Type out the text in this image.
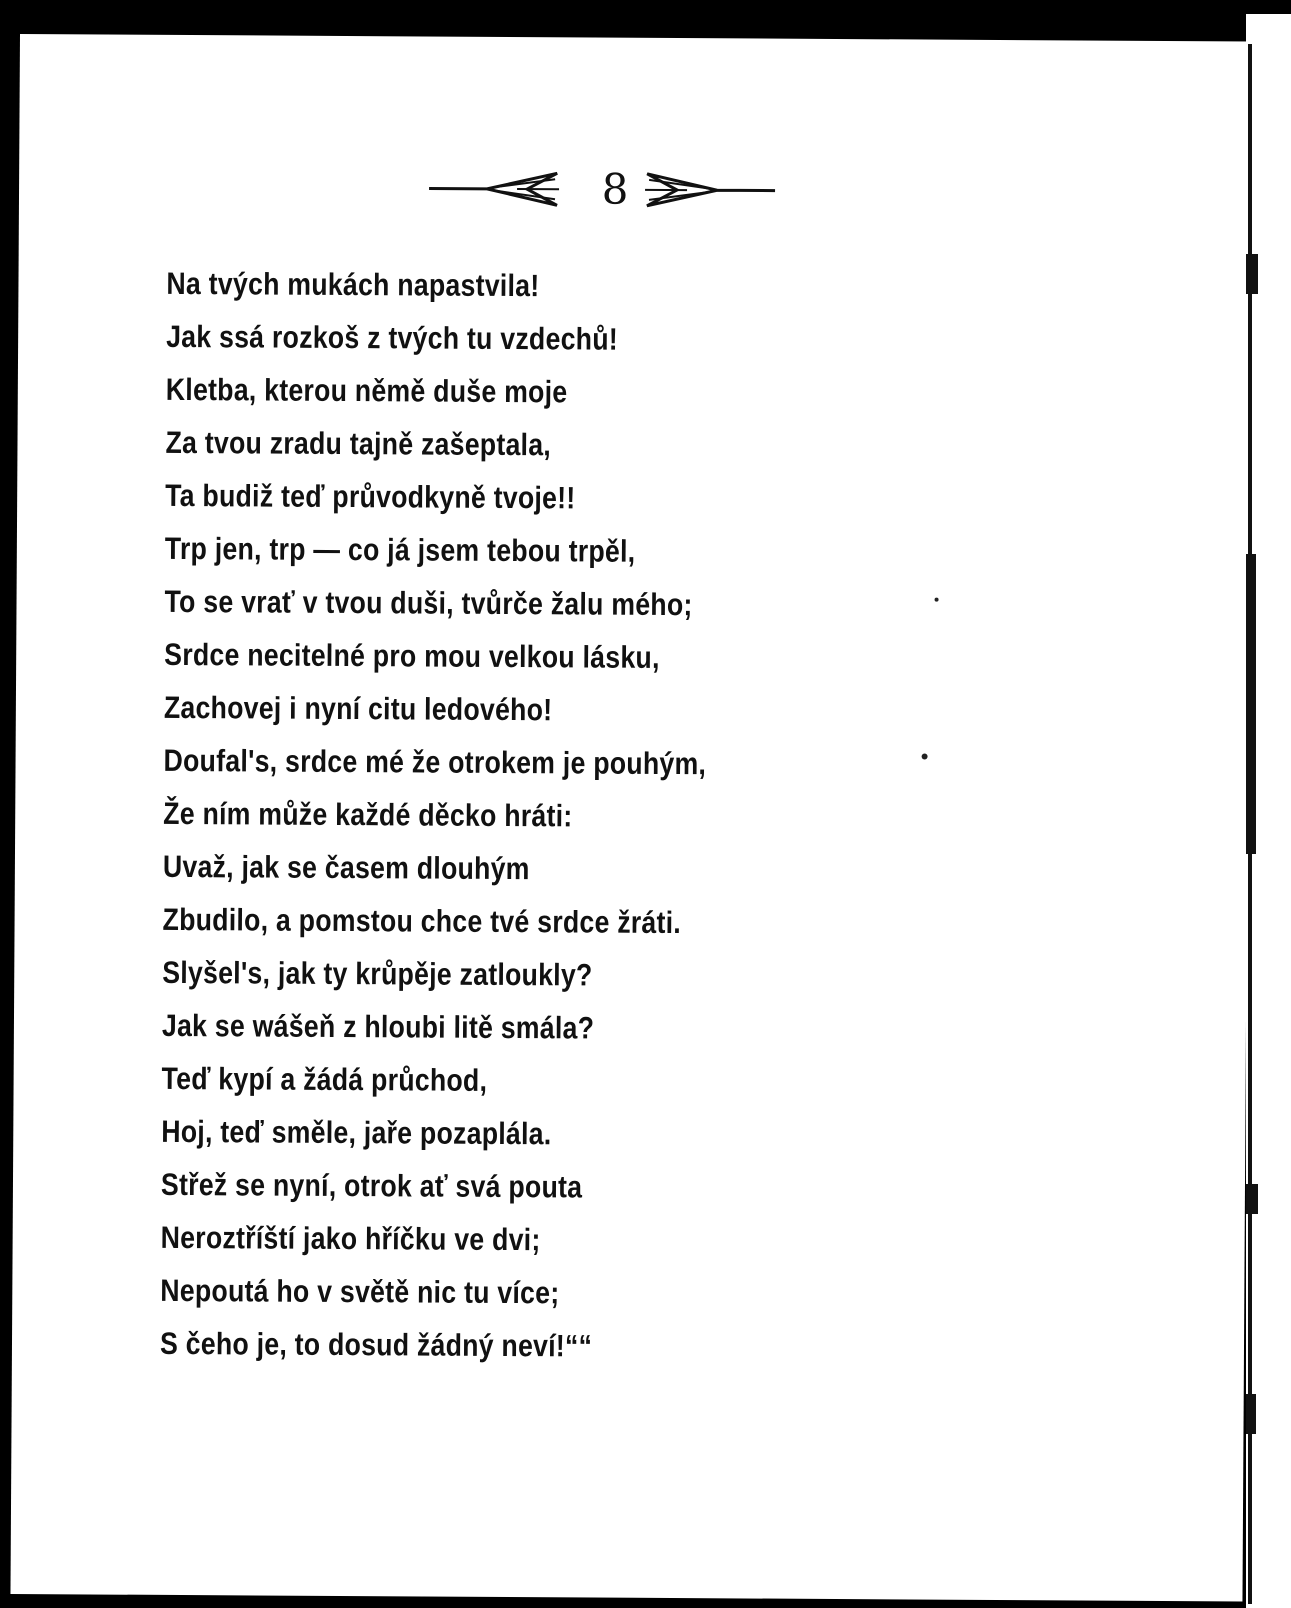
8
Na tvých mukách napastvila!
Jak ssá rozkoš z tvých tu vzdechů!
Kletba, kterou němě duše moje
Za tvou zradu tajně zašeptala,
Ta budiž teď průvodkyně tvoje!!
Trp jen, trp — co já jsem tebou trpěl,
To se vrať v tvou duši, tvůrče žalu mého;
Srdce necitelné pro mou velkou lásku,
Zachovej i nyní citu ledového!
Doufal's, srdce mé že otrokem je pouhým,
Že ním může každé děcko hráti:
Uvaž, jak se časem dlouhým
Zbudilo, a pomstou chce tvé srdce žráti.
Slyšel's, jak ty krůpěje zatloukly?
Jak se wášeň z hloubi litě smála?
Teď kypí a žádá průchod,
Hoj, teď směle, jaře pozaplála.
Střež se nyní, otrok ať svá pouta
Neroztříští jako hříčku ve dvi;
Nepoutá ho v světě nic tu více;
S čeho je, to dosud žádný neví!““
